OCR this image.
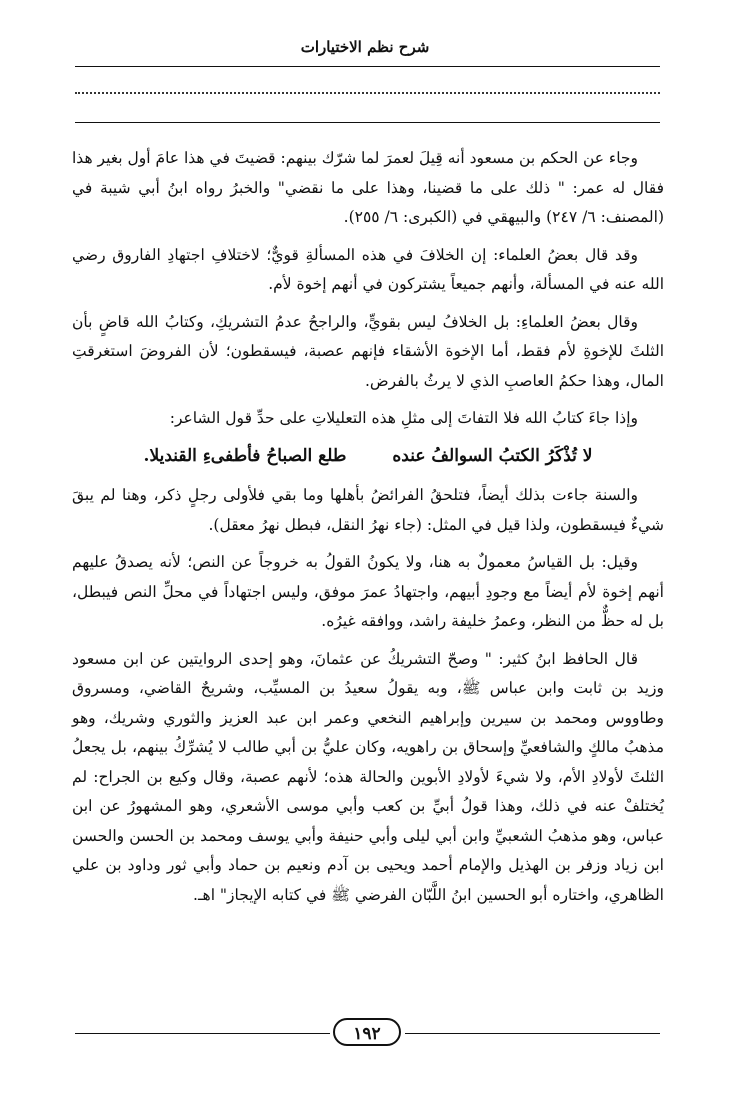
شرح نظم الاختيارات

وجاء عن الحكم بن مسعود أنه قِيلَ لعمرَ لما شرّك بينهم: قضيتَ في هذا عامَ أول بغير هذا فقال له عمر: " ذلك على ما قضينا، وهذا على ما نقضي" والخبرُ رواه ابنُ أبي شيبة في (المصنف: ٦/ ٢٤٧) والبيهقي في (الكبرى: ٦/ ٢٥٥).

وقد قال بعضُ العلماء: إن الخلافَ في هذه المسألةِ قويٌّ؛ لاختلافِ اجتهادِ الفاروق رضي الله عنه في المسألة، وأنهم جميعاً يشتركون في أنهم إخوة لأم.

وقال بعضُ العلماءِ: بل الخلافُ ليس بقويٍّ، والراجحُ عدمُ التشريكِ، وكتابُ الله قاضٍ بأن الثلثَ للإخوةِ لأم فقط، أما الإخوة الأشقاء فإنهم عصبة، فيسقطون؛ لأن الفروضَ استغرقتِ المال، وهذا حكمُ العاصبِ الذي لا يرثُ بالفرض.

وإذا جاءَ كتابُ الله فلا التفاتَ إلى مثلِ هذه التعليلاتِ على حدِّ قول الشاعر:

لا تُذْكَرُ الكتبُ السوالفُ عنده
طلع الصباحُ فأطفىءِ القنديلا.

والسنة جاءت بذلك أيضاً، فتلحقُ الفرائضُ بأهلها وما بقي فلأولى رجلٍ ذكر، وهنا لم يبقَ شيءٌ فيسقطون، ولذا قيل في المثل: (جاء نهرُ النقل، فبطل نهرُ معقل).

وقيل: بل القياسُ معمولٌ به هنا، ولا يكونُ القولُ به خروجاً عن النص؛ لأنه يصدقُ عليهم أنهم إخوة لأم أيضاً مع وجودِ أبيهم، واجتهادُ عمرَ موفق، وليس اجتهاداً في محلِّ النص فيبطل، بل له حظٌّ من النظر، وعمرُ خليفة راشد، ووافقه غيرُه.

قال الحافظ ابنُ كثير: " وصحّ التشريكُ عن عثمانَ، وهو إحدى الروايتين عن ابن مسعود وزيد بن ثابت وابن عباس ﷺ، وبه يقولُ سعيدُ بن المسيِّب، وشريحٌ القاضي، ومسروق وطاووس ومحمد بن سيرين وإبراهيم النخعي وعمر ابن عبد العزيز والثوري وشريك، وهو مذهبُ مالكٍ والشافعيِّ وإسحاق بن راهويه، وكان عليُّ بن أبي طالب لا يُشرِّكُ بينهم، بل يجعلُ الثلثَ لأولادِ الأم، ولا شيءَ لأولادِ الأبوين والحالة هذه؛ لأنهم عصبة، وقال وكيع بن الجراح: لم يُختلفْ عنه في ذلك، وهذا قولُ أبيِّ بن كعب وأبي موسى الأشعري، وهو المشهورُ عن ابن عباس، وهو مذهبُ الشعبيِّ وابن أبي ليلى وأبي حنيفة وأبي يوسف ومحمد بن الحسن والحسن ابن زياد وزفر بن الهذيل والإمام أحمد ويحيى بن آدم ونعيم بن حماد وأبي ثور وداود بن علي الظاهري، واختاره أبو الحسين ابنُ اللَّبّان الفرضي ﷺ في كتابه الإيجاز" اهـ.

١٩٢
